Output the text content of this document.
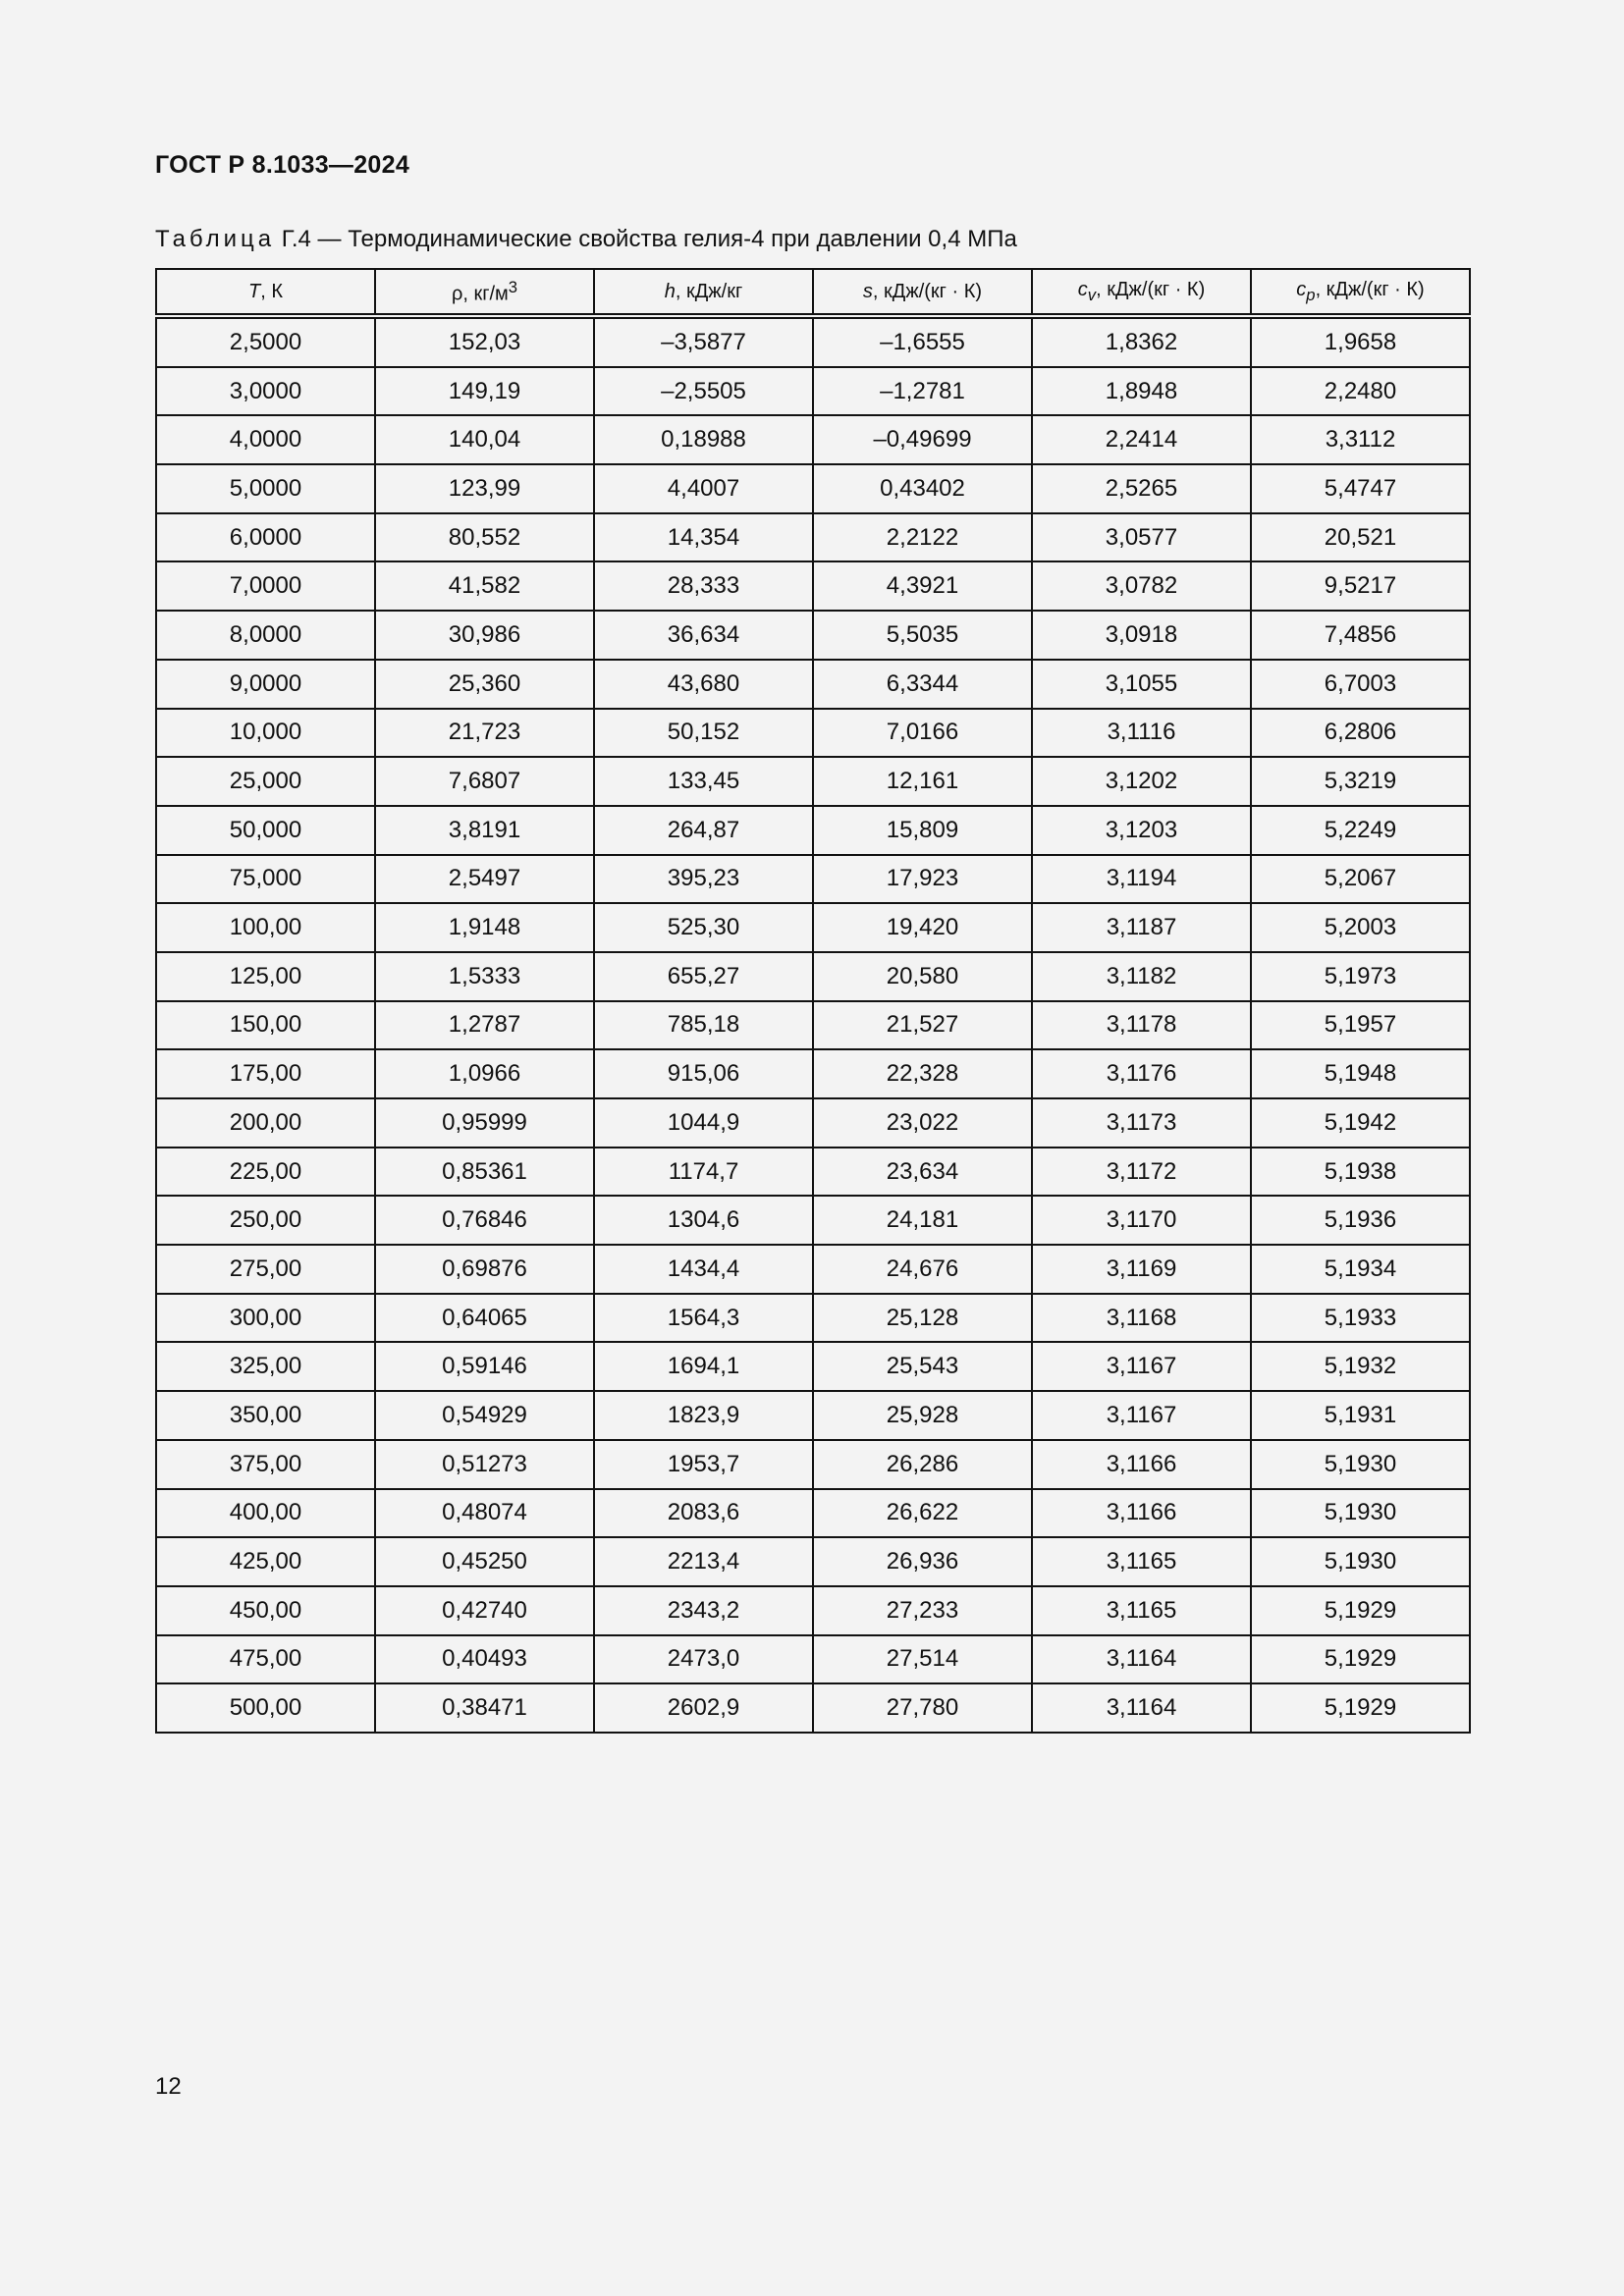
ГОСТ Р 8.1033—2024
Таблица Г.4 — Термодинамические свойства гелия-4 при давлении 0,4 МПа
T, К	ρ, $кг/м^3$	h, кДж/кг	s, кДж/(кг · К)	$c_v$, кДж/(кг · К)	$c_p$, кДж/(кг · К)
2,5000	152,03	–3,5877	–1,6555	1,8362	1,9658
3,0000	149,19	–2,5505	–1,2781	1,8948	2,2480
4,0000	140,04	0,18988	–0,49699	2,2414	3,3112
5,0000	123,99	4,4007	0,43402	2,5265	5,4747
6,0000	80,552	14,354	2,2122	3,0577	20,521
7,0000	41,582	28,333	4,3921	3,0782	9,5217
8,0000	30,986	36,634	5,5035	3,0918	7,4856
9,0000	25,360	43,680	6,3344	3,1055	6,7003
10,000	21,723	50,152	7,0166	3,1116	6,2806
25,000	7,6807	133,45	12,161	3,1202	5,3219
50,000	3,8191	264,87	15,809	3,1203	5,2249
75,000	2,5497	395,23	17,923	3,1194	5,2067
100,00	1,9148	525,30	19,420	3,1187	5,2003
125,00	1,5333	655,27	20,580	3,1182	5,1973
150,00	1,2787	785,18	21,527	3,1178	5,1957
175,00	1,0966	915,06	22,328	3,1176	5,1948
200,00	0,95999	1044,9	23,022	3,1173	5,1942
225,00	0,85361	1174,7	23,634	3,1172	5,1938
250,00	0,76846	1304,6	24,181	3,1170	5,1936
275,00	0,69876	1434,4	24,676	3,1169	5,1934
300,00	0,64065	1564,3	25,128	3,1168	5,1933
325,00	0,59146	1694,1	25,543	3,1167	5,1932
350,00	0,54929	1823,9	25,928	3,1167	5,1931
375,00	0,51273	1953,7	26,286	3,1166	5,1930
400,00	0,48074	2083,6	26,622	3,1166	5,1930
425,00	0,45250	2213,4	26,936	3,1165	5,1930
450,00	0,42740	2343,2	27,233	3,1165	5,1929
475,00	0,40493	2473,0	27,514	3,1164	5,1929
500,00	0,38471	2602,9	27,780	3,1164	5,1929
12
